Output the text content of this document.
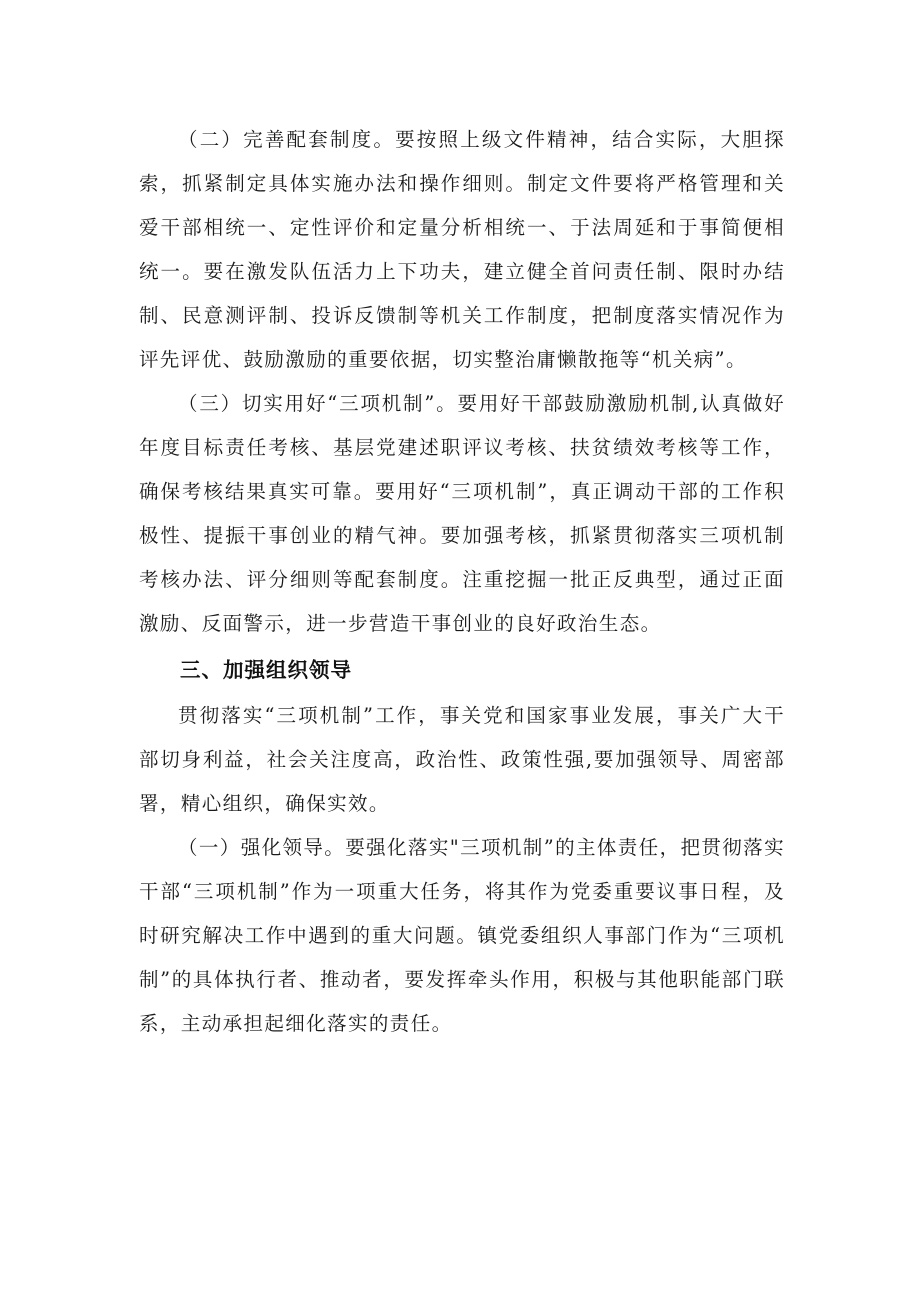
（二）完善配套制度。要按照上级文件精神，结合实际，大胆探索，抓紧制定具体实施办法和操作细则。制定文件要将严格管理和关爱干部相统一、定性评价和定量分析相统一、于法周延和于事简便相统一。要在激发队伍活力上下功夫，建立健全首问责任制、限时办结制、民意测评制、投诉反馈制等机关工作制度，把制度落实情况作为评先评优、鼓励激励的重要依据，切实整治庸懒散拖等“机关病”。

（三）切实用好“三项机制”。要用好干部鼓励激励机制,认真做好年度目标责任考核、基层党建述职评议考核、扶贫绩效考核等工作，确保考核结果真实可靠。要用好“三项机制”，真正调动干部的工作积极性、提振干事创业的精气神。要加强考核，抓紧贯彻落实三项机制考核办法、评分细则等配套制度。注重挖掘一批正反典型，通过正面激励、反面警示，进一步营造干事创业的良好政治生态。

三、加强组织领导

贯彻落实“三项机制”工作，事关党和国家事业发展，事关广大干部切身利益，社会关注度高，政治性、政策性强,要加强领导、周密部署，精心组织，确保实效。

（一）强化领导。要强化落实"三项机制”的主体责任，把贯彻落实干部“三项机制”作为一项重大任务，将其作为党委重要议事日程，及时研究解决工作中遇到的重大问题。镇党委组织人事部门作为“三项机制”的具体执行者、推动者，要发挥牵头作用，积极与其他职能部门联系，主动承担起细化落实的责任。
